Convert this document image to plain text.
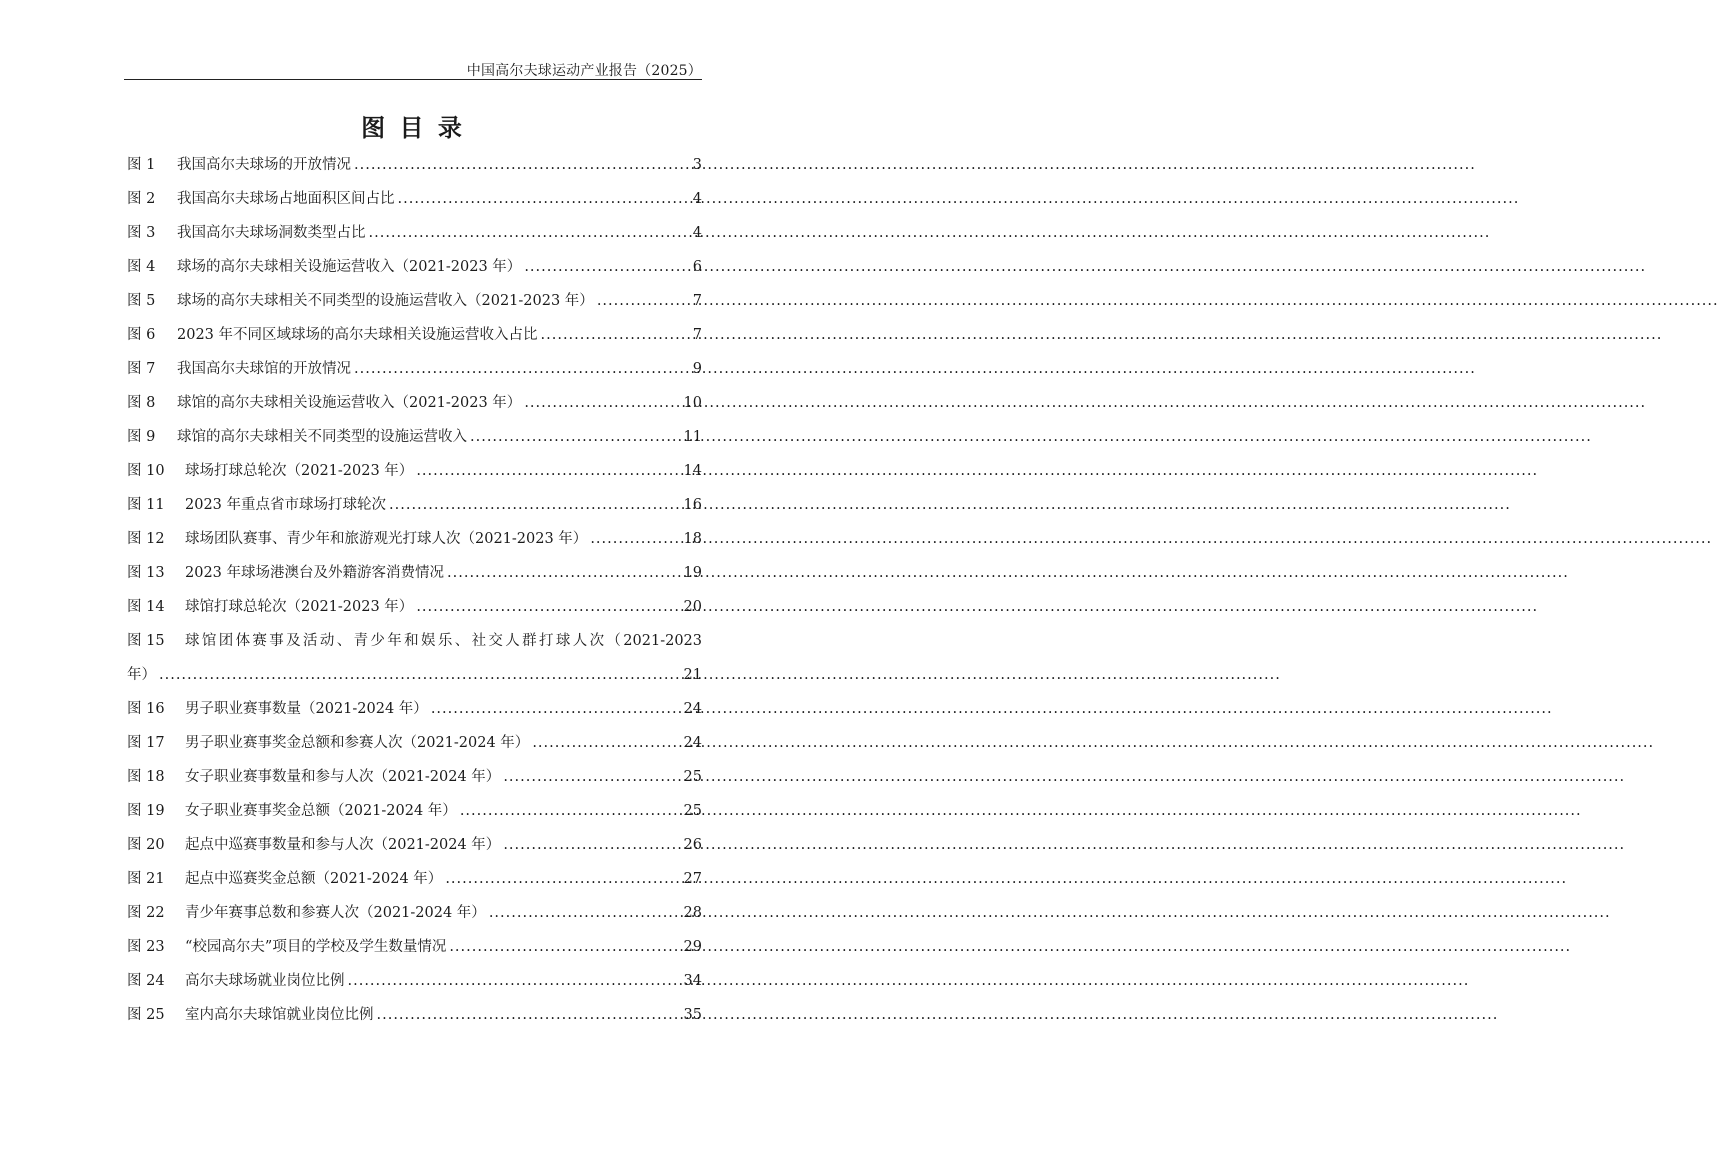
中国高尔夫球运动产业报告（2025）
图 目 录
图 1	我国高尔夫球场的开放情况 .....	3
图 2	我国高尔夫球场占地面积区间占比 .....	4
图 3	我国高尔夫球场洞数类型占比 .....	4
图 4	球场的高尔夫球相关设施运营收入（2021-2023 年） .....	6
图 5	球场的高尔夫球相关不同类型的设施运营收入（2021-2023 年） .....	7
图 6	2023 年不同区域球场的高尔夫球相关设施运营收入占比 .....	7
图 7	我国高尔夫球馆的开放情况 .....	9
图 8	球馆的高尔夫球相关设施运营收入（2021-2023 年） .....	10
图 9	球馆的高尔夫球相关不同类型的设施运营收入 .....	11
图 10	球场打球总轮次（2021-2023 年） .....	14
图 11	2023 年重点省市球场打球轮次 .....	16
图 12	球场团队赛事、青少年和旅游观光打球人次（2021-2023 年） .....	18
图 13	2023 年球场港澳台及外籍游客消费情况 .....	19
图 14	球馆打球总轮次（2021-2023 年） .....	20
图 15	球馆团体赛事及活动、青少年和娱乐、社交人群打球人次（2021-2023
年） .....	21
图 16	男子职业赛事数量（2021-2024 年） .....	24
图 17	男子职业赛事奖金总额和参赛人次（2021-2024 年） .....	24
图 18	女子职业赛事数量和参与人次（2021-2024 年） .....	25
图 19	女子职业赛事奖金总额（2021-2024 年） .....	25
图 20	起点中巡赛事数量和参与人次（2021-2024 年） .....	26
图 21	起点中巡赛奖金总额（2021-2024 年） .....	27
图 22	青少年赛事总数和参赛人次（2021-2024 年） .....	28
图 23	“校园高尔夫”项目的学校及学生数量情况 .....	29
图 24	高尔夫球场就业岗位比例 .....	34
图 25	室内高尔夫球馆就业岗位比例 .....	35
